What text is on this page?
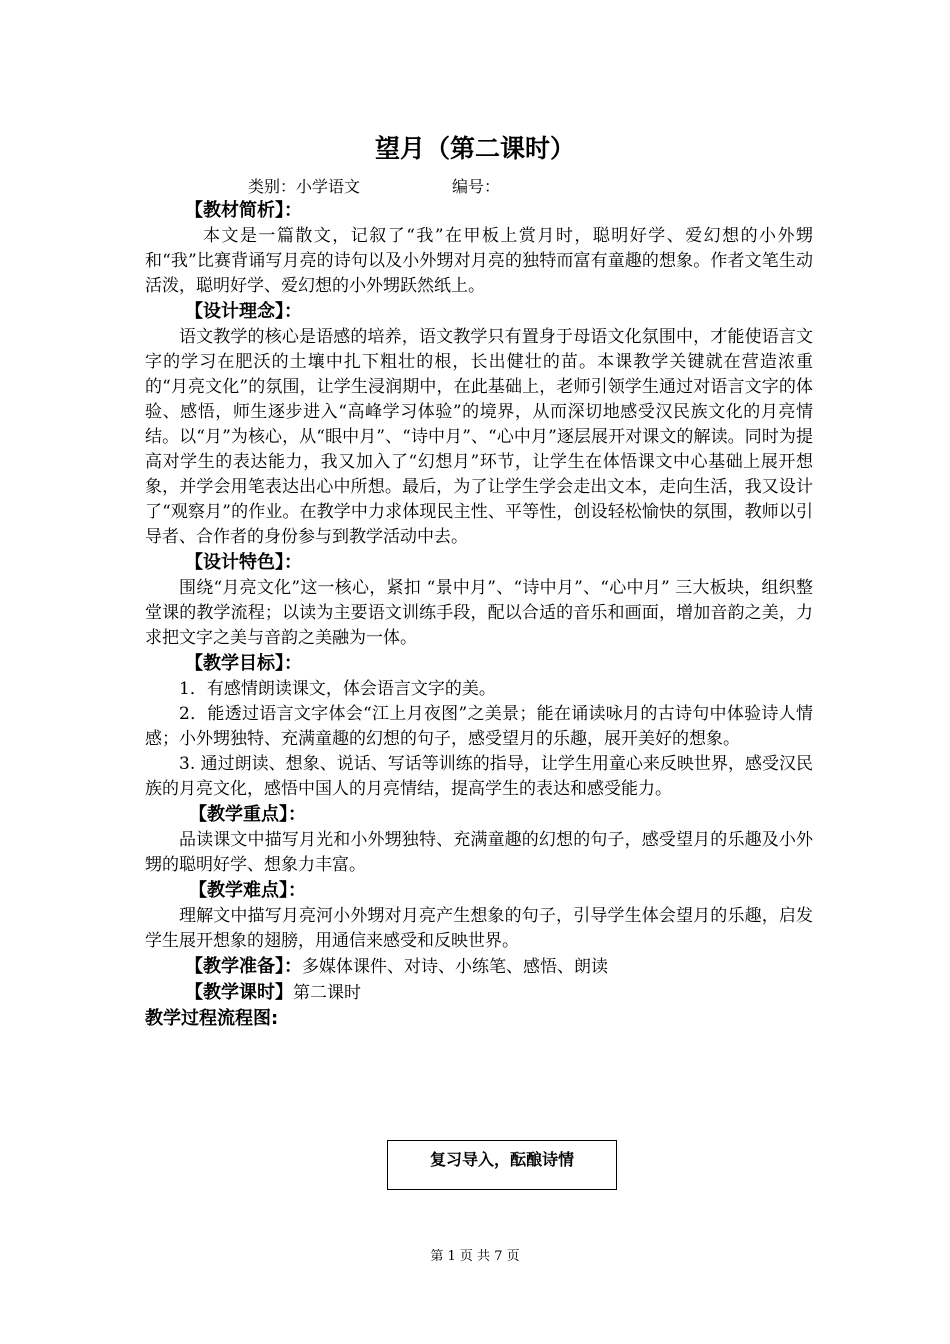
望月（第二课时）
类别：小学语文	编号：
【教材简析】：

本文是一篇散文，记叙了“我”在甲板上赏月时，聪明好学、爱幻想的小外甥和“我”比赛背诵写月亮的诗句以及小外甥对月亮的独特而富有童趣的想象。作者文笔生动活泼，聪明好学、爱幻想的小外甥跃然纸上。

【设计理念】：

语文教学的核心是语感的培养，语文教学只有置身于母语文化氛围中，才能使语言文字的学习在肥沃的土壤中扎下粗壮的根，长出健壮的苗。本课教学关键就在营造浓重的“月亮文化”的氛围，让学生浸润期中，在此基础上，老师引领学生通过对语言文字的体验、感悟，师生逐步进入“高峰学习体验”的境界，从而深切地感受汉民族文化的月亮情结。以“月”为核心，从“眼中月”、“诗中月”、“心中月”逐层展开对课文的解读。同时为提高对学生的表达能力，我又加入了“幻想月”环节，让学生在体悟课文中心基础上展开想象，并学会用笔表达出心中所想。最后，为了让学生学会走出文本，走向生活，我又设计了“观察月”的作业。在教学中力求体现民主性、平等性，创设轻松愉快的氛围，教师以引导者、合作者的身份参与到教学活动中去。

【设计特色】：

围绕“月亮文化”这一核心，紧扣 “景中月”、“诗中月”、“心中月” 三大板块，组织整堂课的教学流程；以读为主要语文训练手段，配以合适的音乐和画面，增加音韵之美，力求把文字之美与音韵之美融为一体。

【教学目标】：

1．有感情朗读课文，体会语言文字的美。

2．能透过语言文字体会“江上月夜图”之美景；能在诵读咏月的古诗句中体验诗人情感；小外甥独特、充满童趣的幻想的句子，感受望月的乐趣，展开美好的想象。

3. 通过朗读、想象、说话、写话等训练的指导，让学生用童心来反映世界，感受汉民族的月亮文化，感悟中国人的月亮情结，提高学生的表达和感受能力。

【教学重点】：

品读课文中描写月光和小外甥独特、充满童趣的幻想的句子，感受望月的乐趣及小外甥的聪明好学、想象力丰富。

【教学难点】：

理解文中描写月亮河小外甥对月亮产生想象的句子，引导学生体会望月的乐趣，启发学生展开想象的翅膀，用通信来感受和反映世界。

【教学准备】：多媒体课件、对诗、小练笔、感悟、朗读
【教学课时】第二课时
教学过程流程图:
复习导入，酝酿诗情
第 1 页 共 7 页
